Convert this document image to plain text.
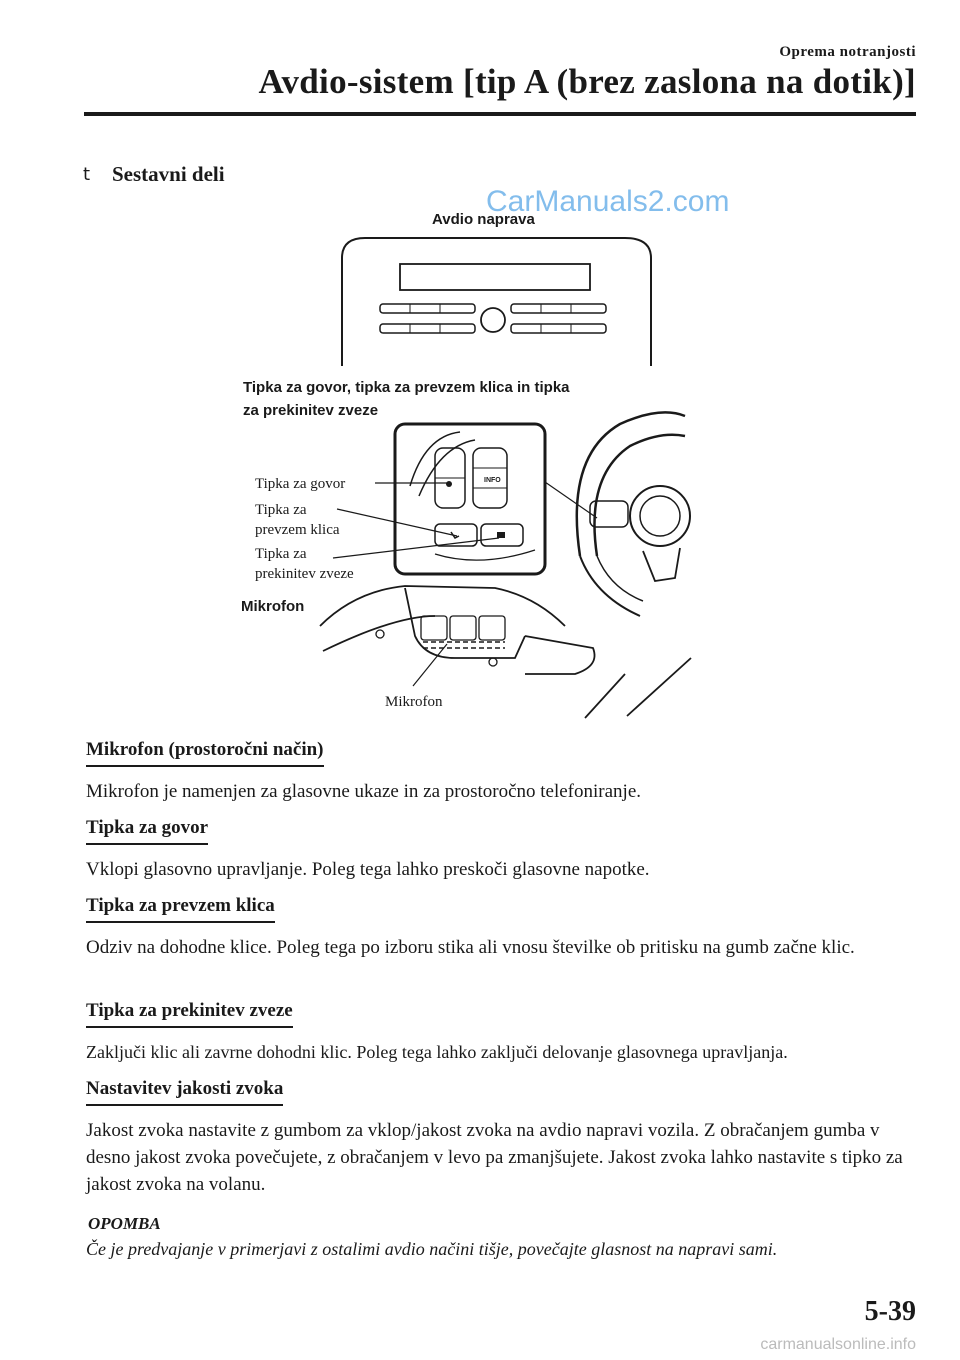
Oprema notranjosti
Avdio-sistem [tip A (brez zaslona na dotik)]
t Sestavni deli
Avdio naprava
Tipka za govor, tipka za prevzem klica in tipka
za prekinitev zveze
INFO
Tipka za govor
Tipka za
prevzem klica
Tipka za
prekinitev zveze
Mikrofon
Mikrofon
CarManuals2.com
Mikrofon (prostoročni način)
Mikrofon je namenjen za glasovne ukaze in za prostoročno telefoniranje.
Tipka za govor
Vklopi glasovno upravljanje. Poleg tega lahko preskoči glasovne napotke.
Tipka za prevzem klica
Odziv na dohodne klice. Poleg tega po izboru stika ali vnosu številke ob pritisku na gumb začne klic.
Tipka za prekinitev zveze
Zaključi klic ali zavrne dohodni klic. Poleg tega lahko zaključi delovanje glasovnega upravljanja.
Nastavitev jakosti zvoka
Jakost zvoka nastavite z gumbom za vklop/jakost zvoka na avdio napravi vozila. Z obračanjem gumba v desno jakost zvoka povečujete, z obračanjem v levo pa zmanjšujete. Jakost zvoka lahko nastavite s tipko za jakost zvoka na volanu.
OPOMBA
Če je predvajanje v primerjavi z ostalimi avdio načini tišje, povečajte glasnost na napravi sami.
5-39
carmanualsonline.info
